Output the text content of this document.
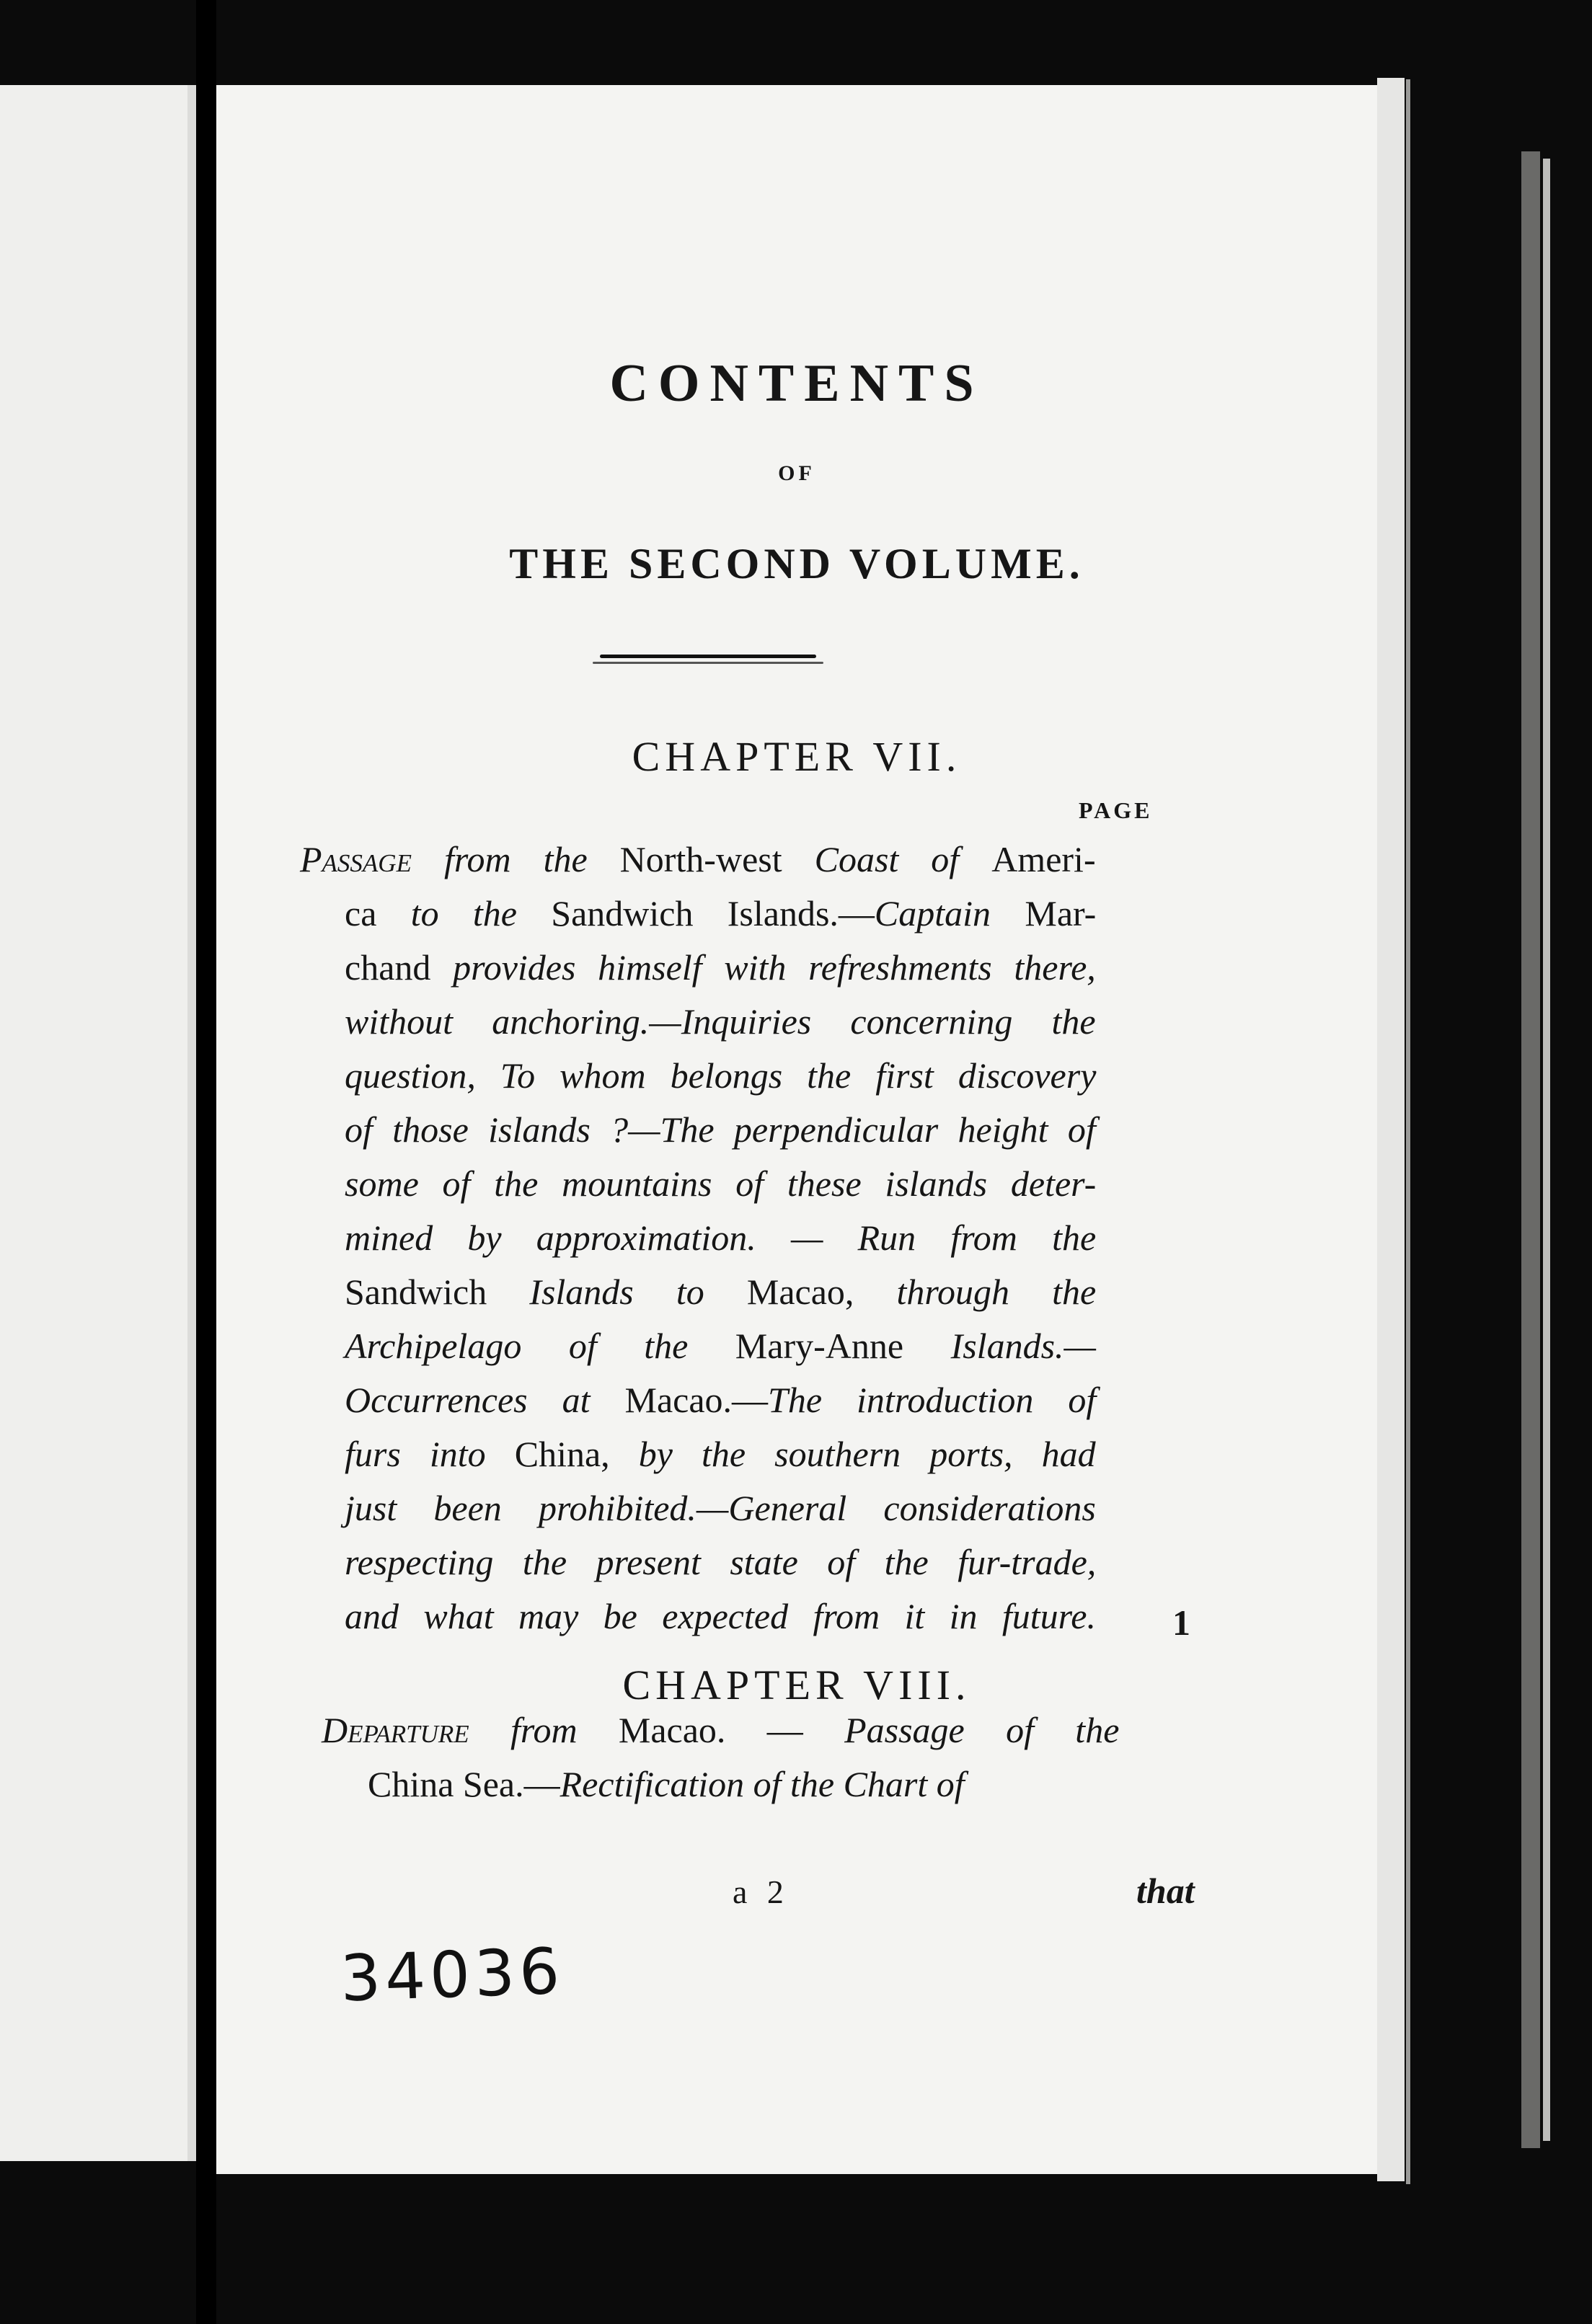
CONTENTS
OF
THE SECOND VOLUME.
CHAPTER VII.
PAGE
Passage from the North-west Coast of Ameri-
ca to the Sandwich Islands.—Captain Mar-
chand provides himself with refreshments there,
without anchoring.—Inquiries concerning the
question, To whom belongs the first discovery
of those islands ?—The perpendicular height of
some of the mountains of these islands deter-
mined by approximation. — Run from the
Sandwich Islands to Macao, through the
Archipelago of the Mary-Anne Islands.—
Occurrences at Macao.—The introduction of
furs into China, by the southern ports, had
just been prohibited.—General considerations
respecting the present state of the fur-trade,
and what may be expected from it in future. 1
CHAPTER VIII.
Departure from Macao. — Passage of the
China Sea.—Rectification of the Chart of
a 2	that
34036
